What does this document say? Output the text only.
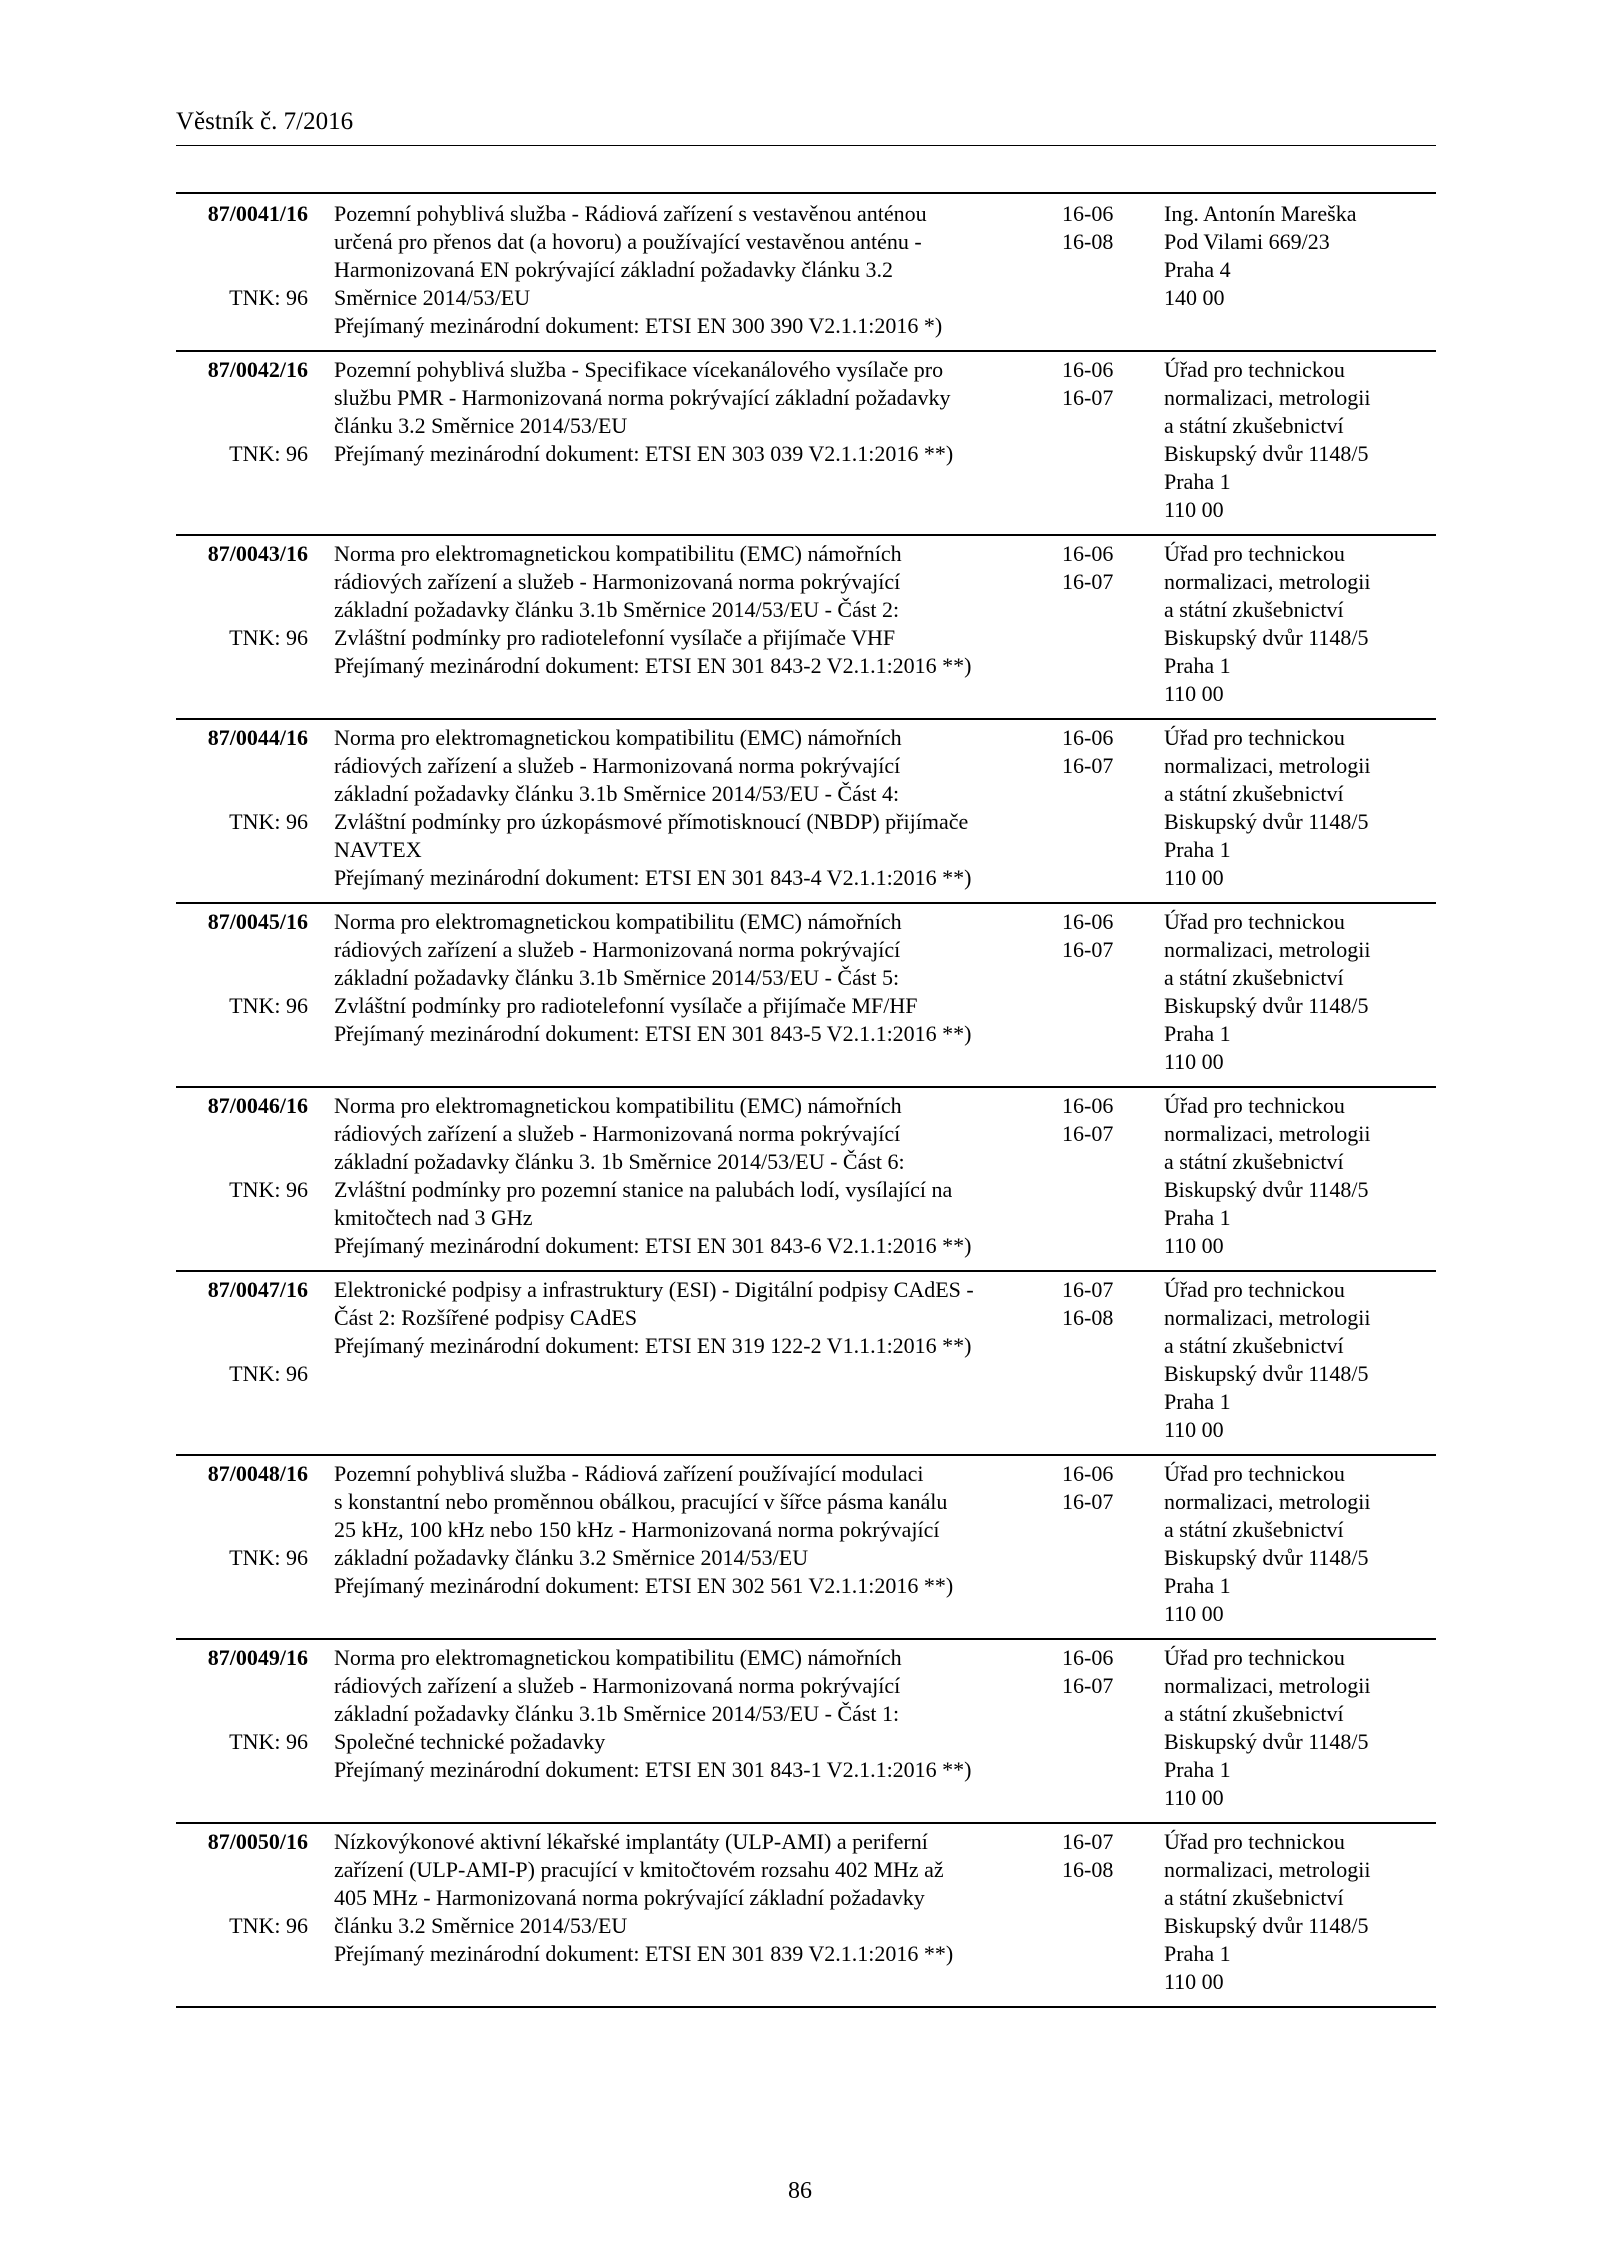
Věstník č. 7/2016
87/0041/16
TNK: 96
Pozemní pohyblivá služba - Rádiová zařízení s vestavěnou anténou
určená pro přenos dat (a hovoru) a používající vestavěnou anténu -
Harmonizovaná EN pokrývající základní požadavky článku 3.2
Směrnice 2014/53/EU
Přejímaný mezinárodní dokument: ETSI EN 300 390 V2.1.1:2016 *)
16-06
16-08
Ing. Antonín Mareška
Pod Vilami 669/23
Praha 4
140 00
87/0042/16
TNK: 96
Pozemní pohyblivá služba - Specifikace vícekanálového vysílače pro
službu PMR - Harmonizovaná norma pokrývající základní požadavky
článku 3.2 Směrnice 2014/53/EU
Přejímaný mezinárodní dokument: ETSI EN 303 039 V2.1.1:2016 **)
16-06
16-07
Úřad pro technickou
normalizaci, metrologii
a státní zkušebnictví
Biskupský dvůr 1148/5
Praha 1
110 00
87/0043/16
TNK: 96
Norma pro elektromagnetickou kompatibilitu (EMC) námořních
rádiových zařízení a služeb - Harmonizovaná norma pokrývající
základní požadavky článku 3.1b Směrnice 2014/53/EU - Část 2:
Zvláštní podmínky pro radiotelefonní vysílače a přijímače VHF
Přejímaný mezinárodní dokument: ETSI EN 301 843-2 V2.1.1:2016 **)
16-06
16-07
Úřad pro technickou
normalizaci, metrologii
a státní zkušebnictví
Biskupský dvůr 1148/5
Praha 1
110 00
87/0044/16
TNK: 96
Norma pro elektromagnetickou kompatibilitu (EMC) námořních
rádiových zařízení a služeb - Harmonizovaná norma pokrývající
základní požadavky článku 3.1b Směrnice 2014/53/EU - Část 4:
Zvláštní podmínky pro úzkopásmové přímotisknoucí (NBDP) přijímače
NAVTEX
Přejímaný mezinárodní dokument: ETSI EN 301 843-4 V2.1.1:2016 **)
16-06
16-07
Úřad pro technickou
normalizaci, metrologii
a státní zkušebnictví
Biskupský dvůr 1148/5
Praha 1
110 00
87/0045/16
TNK: 96
Norma pro elektromagnetickou kompatibilitu (EMC) námořních
rádiových zařízení a služeb - Harmonizovaná norma pokrývající
základní požadavky článku 3.1b Směrnice 2014/53/EU - Část 5:
Zvláštní podmínky pro radiotelefonní vysílače a přijímače MF/HF
Přejímaný mezinárodní dokument: ETSI EN 301 843-5 V2.1.1:2016 **)
16-06
16-07
Úřad pro technickou
normalizaci, metrologii
a státní zkušebnictví
Biskupský dvůr 1148/5
Praha 1
110 00
87/0046/16
TNK: 96
Norma pro elektromagnetickou kompatibilitu (EMC) námořních
rádiových zařízení a služeb - Harmonizovaná norma pokrývající
základní požadavky článku 3. 1b Směrnice 2014/53/EU - Část 6:
Zvláštní podmínky pro pozemní stanice na palubách lodí, vysílající na
kmitočtech nad 3 GHz
Přejímaný mezinárodní dokument: ETSI EN 301 843-6 V2.1.1:2016 **)
16-06
16-07
Úřad pro technickou
normalizaci, metrologii
a státní zkušebnictví
Biskupský dvůr 1148/5
Praha 1
110 00
87/0047/16
TNK: 96
Elektronické podpisy a infrastruktury (ESI) - Digitální podpisy CAdES -
Část 2: Rozšířené podpisy CAdES
Přejímaný mezinárodní dokument: ETSI EN 319 122-2 V1.1.1:2016 **)
16-07
16-08
Úřad pro technickou
normalizaci, metrologii
a státní zkušebnictví
Biskupský dvůr 1148/5
Praha 1
110 00
87/0048/16
TNK: 96
Pozemní pohyblivá služba - Rádiová zařízení používající modulaci
s konstantní nebo proměnnou obálkou, pracující v šířce pásma kanálu
25 kHz, 100 kHz nebo 150 kHz - Harmonizovaná norma pokrývající
základní požadavky článku 3.2 Směrnice 2014/53/EU
Přejímaný mezinárodní dokument: ETSI EN 302 561 V2.1.1:2016 **)
16-06
16-07
Úřad pro technickou
normalizaci, metrologii
a státní zkušebnictví
Biskupský dvůr 1148/5
Praha 1
110 00
87/0049/16
TNK: 96
Norma pro elektromagnetickou kompatibilitu (EMC) námořních
rádiových zařízení a služeb - Harmonizovaná norma pokrývající
základní požadavky článku 3.1b Směrnice 2014/53/EU - Část 1:
Společné technické požadavky
Přejímaný mezinárodní dokument: ETSI EN 301 843-1 V2.1.1:2016 **)
16-06
16-07
Úřad pro technickou
normalizaci, metrologii
a státní zkušebnictví
Biskupský dvůr 1148/5
Praha 1
110 00
87/0050/16
TNK: 96
Nízkovýkonové aktivní lékařské implantáty (ULP-AMI) a periferní
zařízení (ULP-AMI-P) pracující v kmitočtovém rozsahu 402 MHz až
405 MHz - Harmonizovaná norma pokrývající základní požadavky
článku 3.2 Směrnice 2014/53/EU
Přejímaný mezinárodní dokument: ETSI EN 301 839 V2.1.1:2016 **)
16-07
16-08
Úřad pro technickou
normalizaci, metrologii
a státní zkušebnictví
Biskupský dvůr 1148/5
Praha 1
110 00
86
